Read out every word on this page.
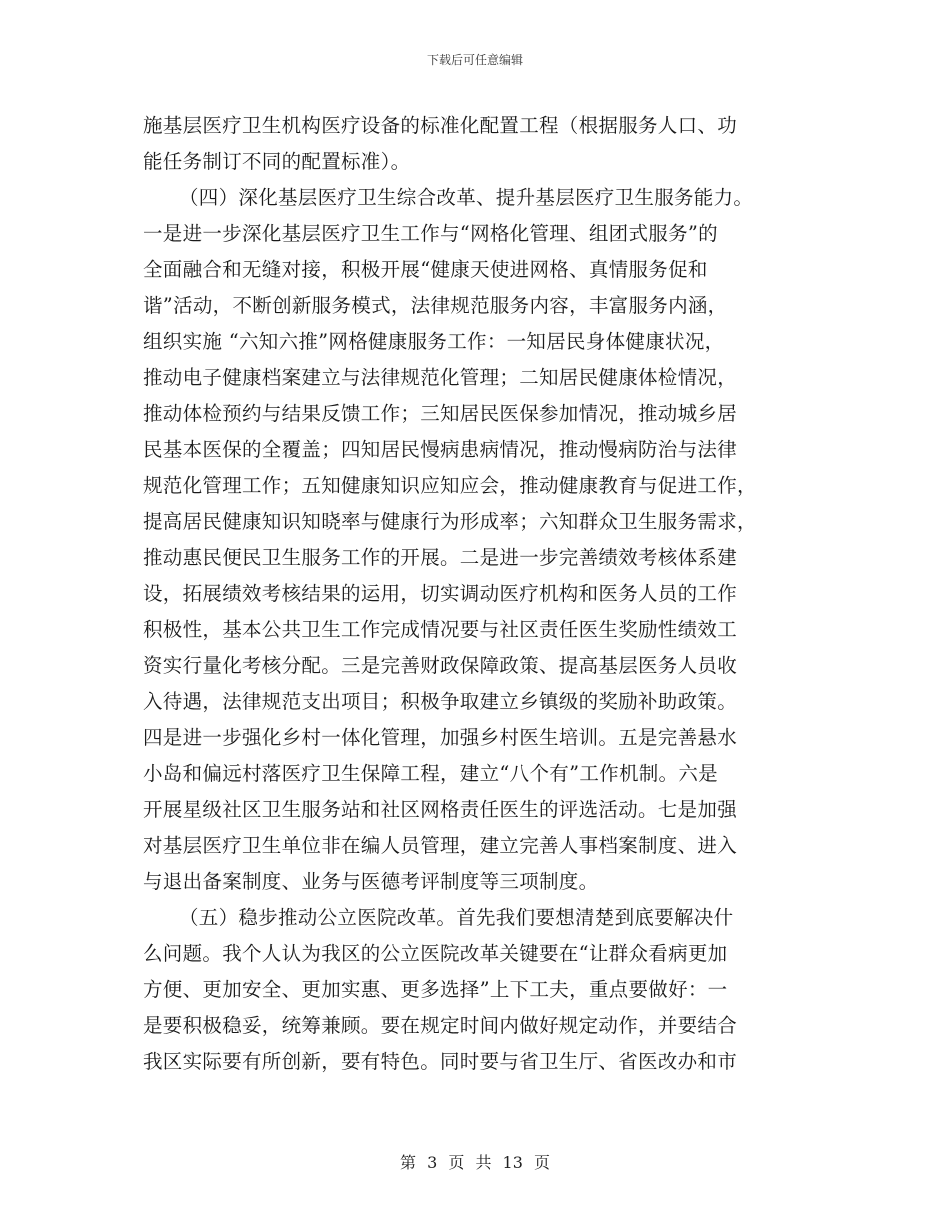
下载后可任意编辑
施基层医疗卫生机构医疗设备的标准化配置工程（根据服务人口、功
能任务制订不同的配置标准）。
（四）深化基层医疗卫生综合改革、提升基层医疗卫生服务能力。
一是进一步深化基层医疗卫生工作与“网格化管理、组团式服务”的
全面融合和无缝对接，积极开展“健康天使进网格、真情服务促和
谐”活动，不断创新服务模式，法律规范服务内容，丰富服务内涵，
组织实施 “六知六推”网格健康服务工作：一知居民身体健康状况，
推动电子健康档案建立与法律规范化管理；二知居民健康体检情况，
推动体检预约与结果反馈工作；三知居民医保参加情况，推动城乡居
民基本医保的全覆盖；四知居民慢病患病情况，推动慢病防治与法律
规范化管理工作；五知健康知识应知应会，推动健康教育与促进工作，
提高居民健康知识知晓率与健康行为形成率；六知群众卫生服务需求，
推动惠民便民卫生服务工作的开展。二是进一步完善绩效考核体系建
设，拓展绩效考核结果的运用，切实调动医疗机构和医务人员的工作
积极性，基本公共卫生工作完成情况要与社区责任医生奖励性绩效工
资实行量化考核分配。三是完善财政保障政策、提高基层医务人员收
入待遇，法律规范支出项目；积极争取建立乡镇级的奖励补助政策。
四是进一步强化乡村一体化管理，加强乡村医生培训。五是完善悬水
小岛和偏远村落医疗卫生保障工程，建立“八个有”工作机制。六是
开展星级社区卫生服务站和社区网格责任医生的评选活动。七是加强
对基层医疗卫生单位非在编人员管理，建立完善人事档案制度、进入
与退出备案制度、业务与医德考评制度等三项制度。
（五）稳步推动公立医院改革。首先我们要想清楚到底要解决什
么问题。我个人认为我区的公立医院改革关键要在“让群众看病更加
方便、更加安全、更加实惠、更多选择”上下工夫，重点要做好：一
是要积极稳妥，统筹兼顾。要在规定时间内做好规定动作，并要结合
我区实际要有所创新，要有特色。同时要与省卫生厅、省医改办和市
第 3 页 共 13 页
